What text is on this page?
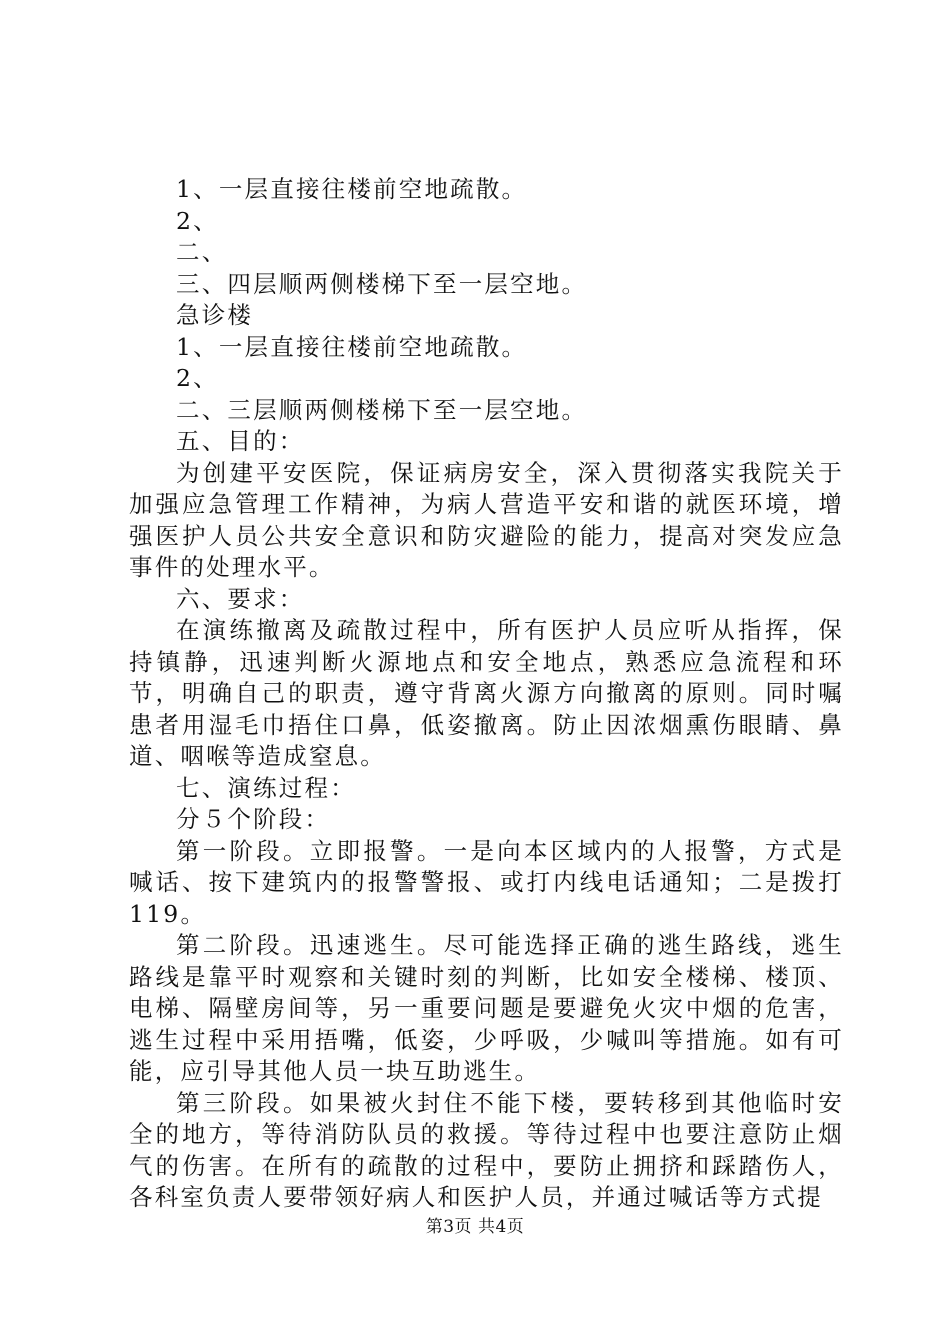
1、一层直接往楼前空地疏散。

2、

二、

三、四层顺两侧楼梯下至一层空地。

急诊楼

1、一层直接往楼前空地疏散。

2、

二、三层顺两侧楼梯下至一层空地。

五、目的：

为创建平安医院，保证病房安全，深入贯彻落实我院关于加强应急管理工作精神，为病人营造平安和谐的就医环境，增强医护人员公共安全意识和防灾避险的能力，提高对突发应急事件的处理水平。

六、要求：

在演练撤离及疏散过程中，所有医护人员应听从指挥，保持镇静，迅速判断火源地点和安全地点，熟悉应急流程和环节，明确自己的职责，遵守背离火源方向撤离的原则。同时嘱患者用湿毛巾捂住口鼻，低姿撤离。防止因浓烟熏伤眼睛、鼻道、咽喉等造成窒息。

七、演练过程：

分５个阶段：

第一阶段。立即报警。一是向本区域内的人报警，方式是喊话、按下建筑内的报警警报、或打内线电话通知；二是拨打119。

第二阶段。迅速逃生。尽可能选择正确的逃生路线，逃生路线是靠平时观察和关键时刻的判断，比如安全楼梯、楼顶、电梯、隔壁房间等，另一重要问题是要避免火灾中烟的危害，逃生过程中采用捂嘴，低姿，少呼吸，少喊叫等措施。如有可能，应引导其他人员一块互助逃生。

第三阶段。如果被火封住不能下楼，要转移到其他临时安全的地方，等待消防队员的救援。等待过程中也要注意防止烟气的伤害。在所有的疏散的过程中，要防止拥挤和踩踏伤人，各科室负责人要带领好病人和医护人员，并通过喊话等方式提

第3页 共4页
